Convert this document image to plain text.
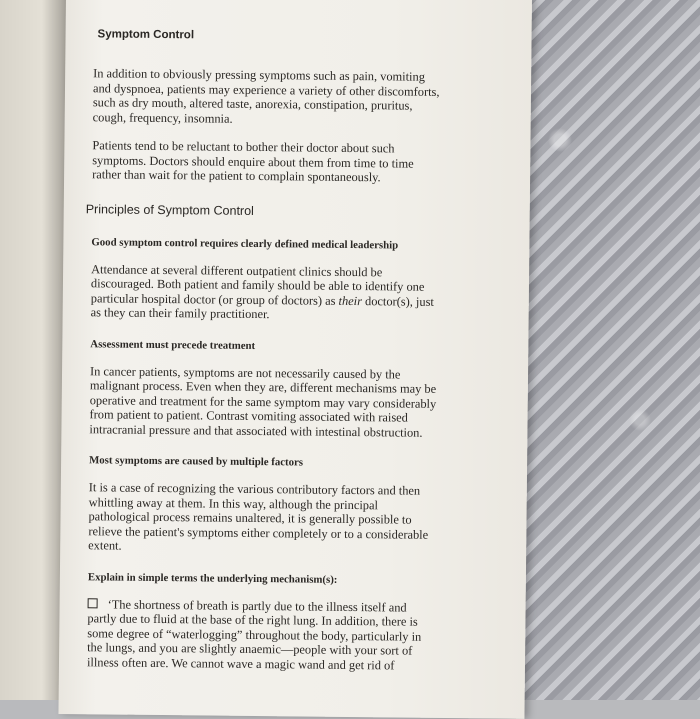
Symptom Control

In addition to obviously pressing symptoms such as pain, vomiting and dyspnoea, patients may experience a variety of other discomforts, such as dry mouth, altered taste, anorexia, constipation, pruritus, cough, frequency, insomnia.

Patients tend to be reluctant to bother their doctor about such symptoms. Doctors should enquire about them from time to time rather than wait for the patient to complain spontaneously.

Principles of Symptom Control
Good symptom control requires clearly defined medical leadership

Attendance at several different outpatient clinics should be discouraged. Both patient and family should be able to identify one particular hospital doctor (or group of doctors) as their doctor(s), just as they can their family practitioner.

Assessment must precede treatment

In cancer patients, symptoms are not necessarily caused by the malignant process. Even when they are, different mechanisms may be operative and treatment for the same symptom may vary considerably from patient to patient. Contrast vomiting associated with raised intracranial pressure and that associated with intestinal obstruction.

Most symptoms are caused by multiple factors

It is a case of recognizing the various contributory factors and then whittling away at them. In this way, although the principal pathological process remains unaltered, it is generally possible to relieve the patient's symptoms either completely or to a considerable extent.

Explain in simple terms the underlying mechanism(s):

‘The shortness of breath is partly due to the illness itself and partly due to fluid at the base of the right lung. In addition, there is some degree of “waterlogging” throughout the body, particularly in the lungs, and you are slightly anaemic—people with your sort of illness often are. We cannot wave a magic wand and get rid of
